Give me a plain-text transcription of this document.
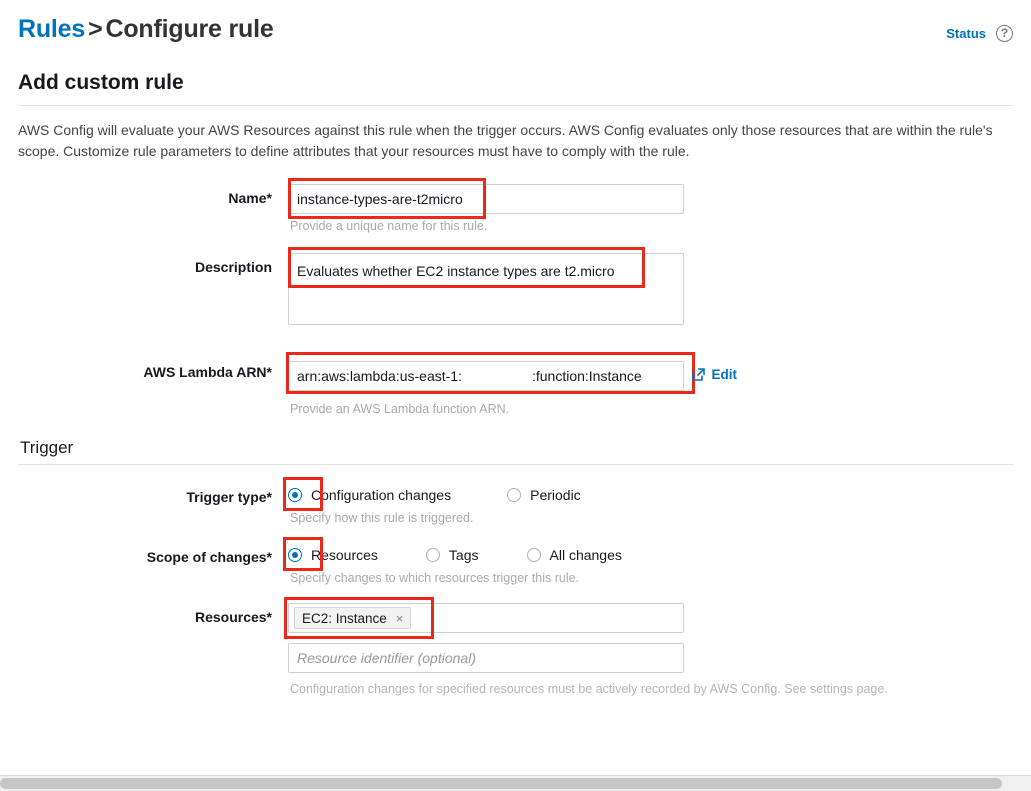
Rules > Configure rule	Status	?
Add custom rule
AWS Config will evaluate your AWS Resources against this rule when the trigger occurs. AWS Config evaluates only those resources that are within the rule's scope. Customize rule parameters to define attributes that your resources must have to comply with the rule.
Name*
instance-types-are-t2micro
Provide a unique name for this rule.
Description
Evaluates whether EC2 instance types are t2.micro
AWS Lambda ARN*
arn:aws:lambda:us-east-1: :function:Instance	Edit
Provide an AWS Lambda function ARN.
Trigger
Trigger type*	Configuration changes	Periodic
Specify how this rule is triggered.
Scope of changes*	Resources	Tags	All changes
Specify changes to which resources trigger this rule.
Resources*	EC2: Instance ×
Resource identifier (optional)
Configuration changes for specified resources must be actively recorded by AWS Config. See settings page.
